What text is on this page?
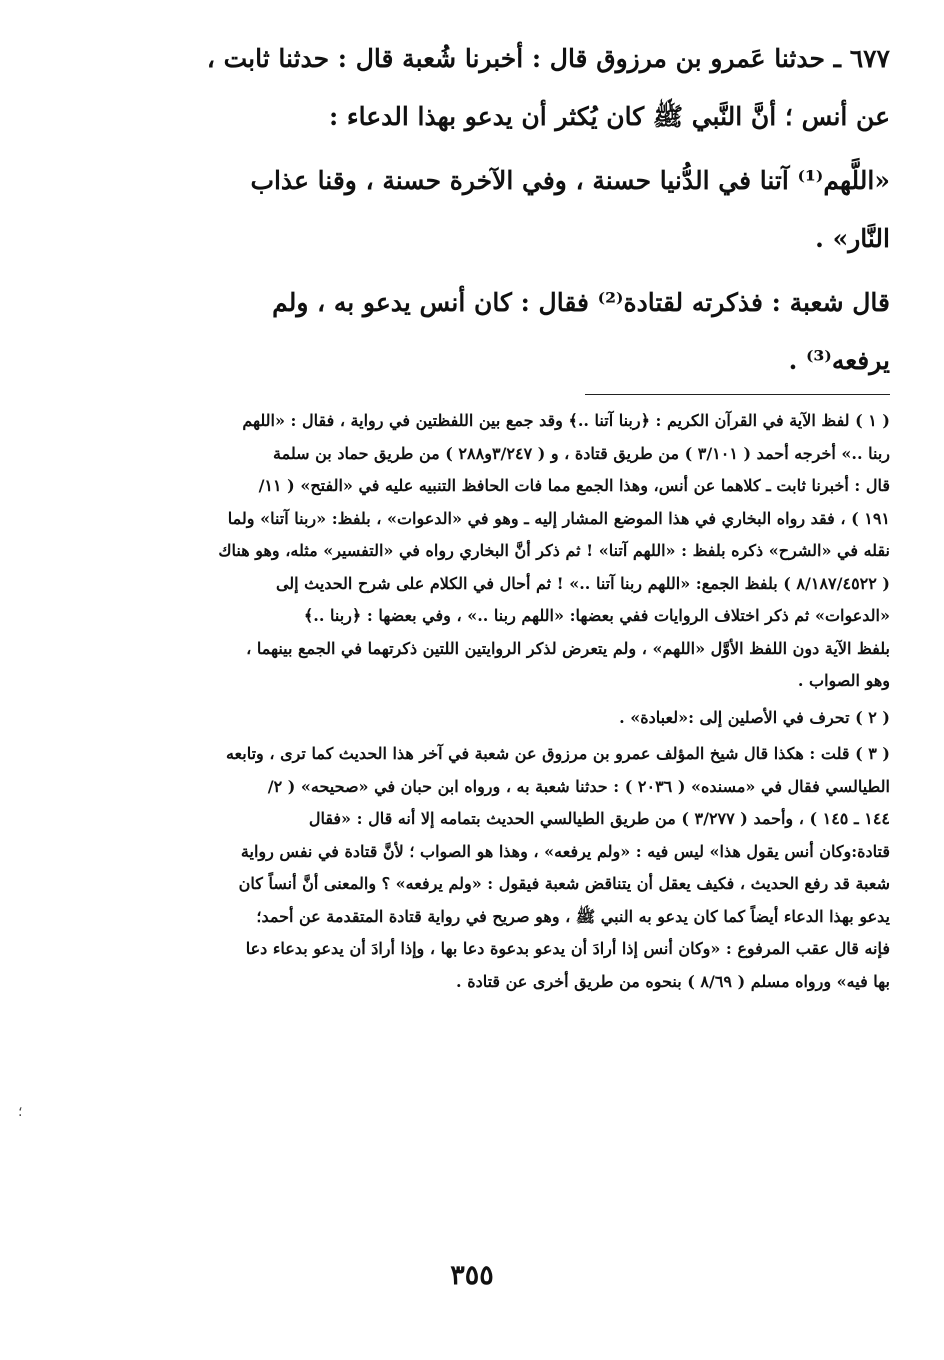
٦٧٧ ـ حدثنا عَمرو بن مرزوق قال : أخبرنا شُعبة قال : حدثنا ثابت ،

عن أنس ؛ أنَّ النَّبي ﷺ كان يُكثر أن يدعو بهذا الدعاء :

«اللَّهم⁽¹⁾ آتنا في الدُّنيا حسنة ، وفي الآخرة حسنة ، وقنا عذاب

النَّار» .

قال شعبة : فذكرته لقتادة⁽²⁾ فقال : كان أنس يدعو به ، ولم

يرفعه⁽³⁾ .

( ١ ) لفظ الآية في القرآن الكريم : ﴿ربنا آتنا ..﴾ وقد جمع بين اللفظتين في رواية ، فقال : «اللهم

ربنا ..» أخرجه أحمد ( ٣/١٠١ ) من طريق قتادة ، و ( ٣/٢٤٧و٢٨٨ ) من طريق حماد بن سلمة

قال : أخبرنا ثابت ـ كلاهما عن أنس، وهذا الجمع مما فات الحافظ التنبيه عليه في «الفتح» ( ١١/

١٩١ ) ، فقد رواه البخاري في هذا الموضع المشار إليه ـ وهو في «الدعوات» ، بلفظ: «ربنا آتنا» ولما

نقله في «الشرح» ذكره بلفظ : «اللهم آتنا» ! ثم ذكر أنَّ البخاري رواه في «التفسير» مثله، وهو هناك

( ٨/١٨٧/٤٥٢٢ ) بلفظ الجمع: «اللهم ربنا آتنا ..» ! ثم أحال في الكلام على شرح الحديث إلى

«الدعوات» ثم ذكر اختلاف الروايات ففي بعضها: «اللهم ربنا ..» ، وفي بعضها : ﴿ربنا ..﴾

بلفظ الآية دون اللفظ الأوَّل «اللهم» ، ولم يتعرض لذكر الروايتين اللتين ذكرتهما في الجمع بينهما ،

وهو الصواب .

( ٢ ) تحرف في الأصلين إلى :«لعبادة» .

( ٣ ) قلت : هكذا قال شيخ المؤلف عمرو بن مرزوق عن شعبة في آخر هذا الحديث كما ترى ، وتابعه

الطيالسي فقال في «مسنده» ( ٢٠٣٦ ) : حدثنا شعبة به ، ورواه ابن حبان في «صحيحه» ( ٢/

١٤٤ ـ ١٤٥ ) ، وأحمد ( ٣/٢٧٧ ) من طريق الطيالسي الحديث بتمامه إلا أنه قال : «فقال

قتادة:وكان أنس يقول هذا» ليس فيه : «ولم يرفعه» ، وهذا هو الصواب ؛ لأنَّ قتادة في نفس رواية

شعبة قد رفع الحديث ، فكيف يعقل أن يتناقض شعبة فيقول : «ولم يرفعه» ؟ والمعنى أنَّ أنساً كان

يدعو بهذا الدعاء أيضاً كما كان يدعو به النبي ﷺ ، وهو صريح في رواية قتادة المتقدمة عن أحمد؛

فإنه قال عقب المرفوع : «وكان أنس إذا أرادَ أن يدعو بدعوة دعا بها ، وإذا أرادَ أن يدعو بدعاء دعا

بها فيه» ورواه مسلم ( ٨/٦٩ ) بنحوه من طريق أخرى عن قتادة .

؛
٣٥٥
